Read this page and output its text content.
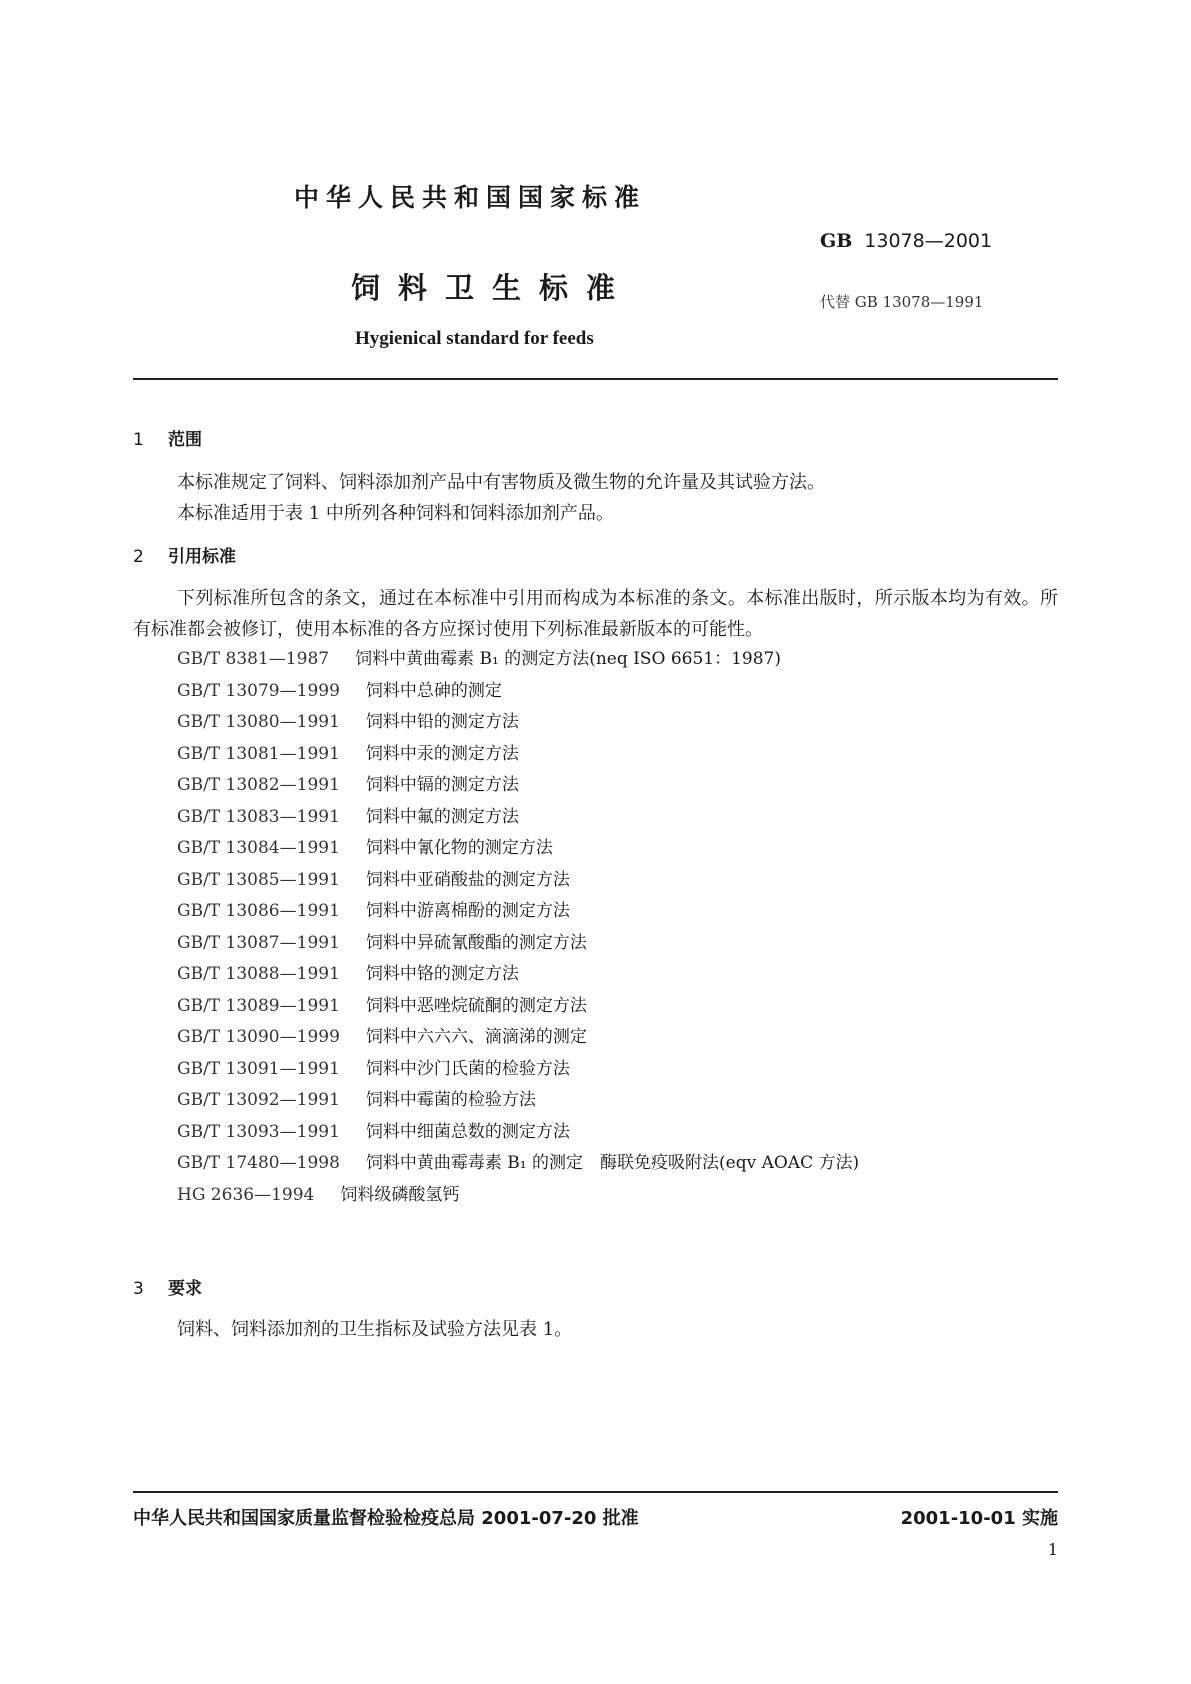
中华人民共和国国家标准
GB 13078—2001
饲料卫生标准	代替 GB 13078—1991
Hygienical standard for feeds
1 范围
本标准规定了饲料、饲料添加剂产品中有害物质及微生物的允许量及其试验方法。
本标准适用于表 1 中所列各种饲料和饲料添加剂产品。
2 引用标准
下列标准所包含的条文，通过在本标准中引用而构成为本标准的条文。本标准出版时，所示版本均为有效。所有标准都会被修订，使用本标准的各方应探讨使用下列标准最新版本的可能性。
GB/T 8381—1987 饲料中黄曲霉素 B₁ 的测定方法(neq ISO 6651：1987)
GB/T 13079—1999 饲料中总砷的测定
GB/T 13080—1991 饲料中铅的测定方法
GB/T 13081—1991 饲料中汞的测定方法
GB/T 13082—1991 饲料中镉的测定方法
GB/T 13083—1991 饲料中氟的测定方法
GB/T 13084—1991 饲料中氰化物的测定方法
GB/T 13085—1991 饲料中亚硝酸盐的测定方法
GB/T 13086—1991 饲料中游离棉酚的测定方法
GB/T 13087—1991 饲料中异硫氰酸酯的测定方法
GB/T 13088—1991 饲料中铬的测定方法
GB/T 13089—1991 饲料中恶唑烷硫酮的测定方法
GB/T 13090—1999 饲料中六六六、滴滴涕的测定
GB/T 13091—1991 饲料中沙门氏菌的检验方法
GB/T 13092—1991 饲料中霉菌的检验方法
GB/T 13093—1991 饲料中细菌总数的测定方法
GB/T 17480—1998 饲料中黄曲霉毒素 B₁ 的测定　酶联免疫吸附法(eqv AOAC 方法)
HG 2636—1994 饲料级磷酸氢钙
3 要求
饲料、饲料添加剂的卫生指标及试验方法见表 1。
中华人民共和国国家质量监督检验检疫总局 2001-07-20 批准	2001-10-01 实施
1
